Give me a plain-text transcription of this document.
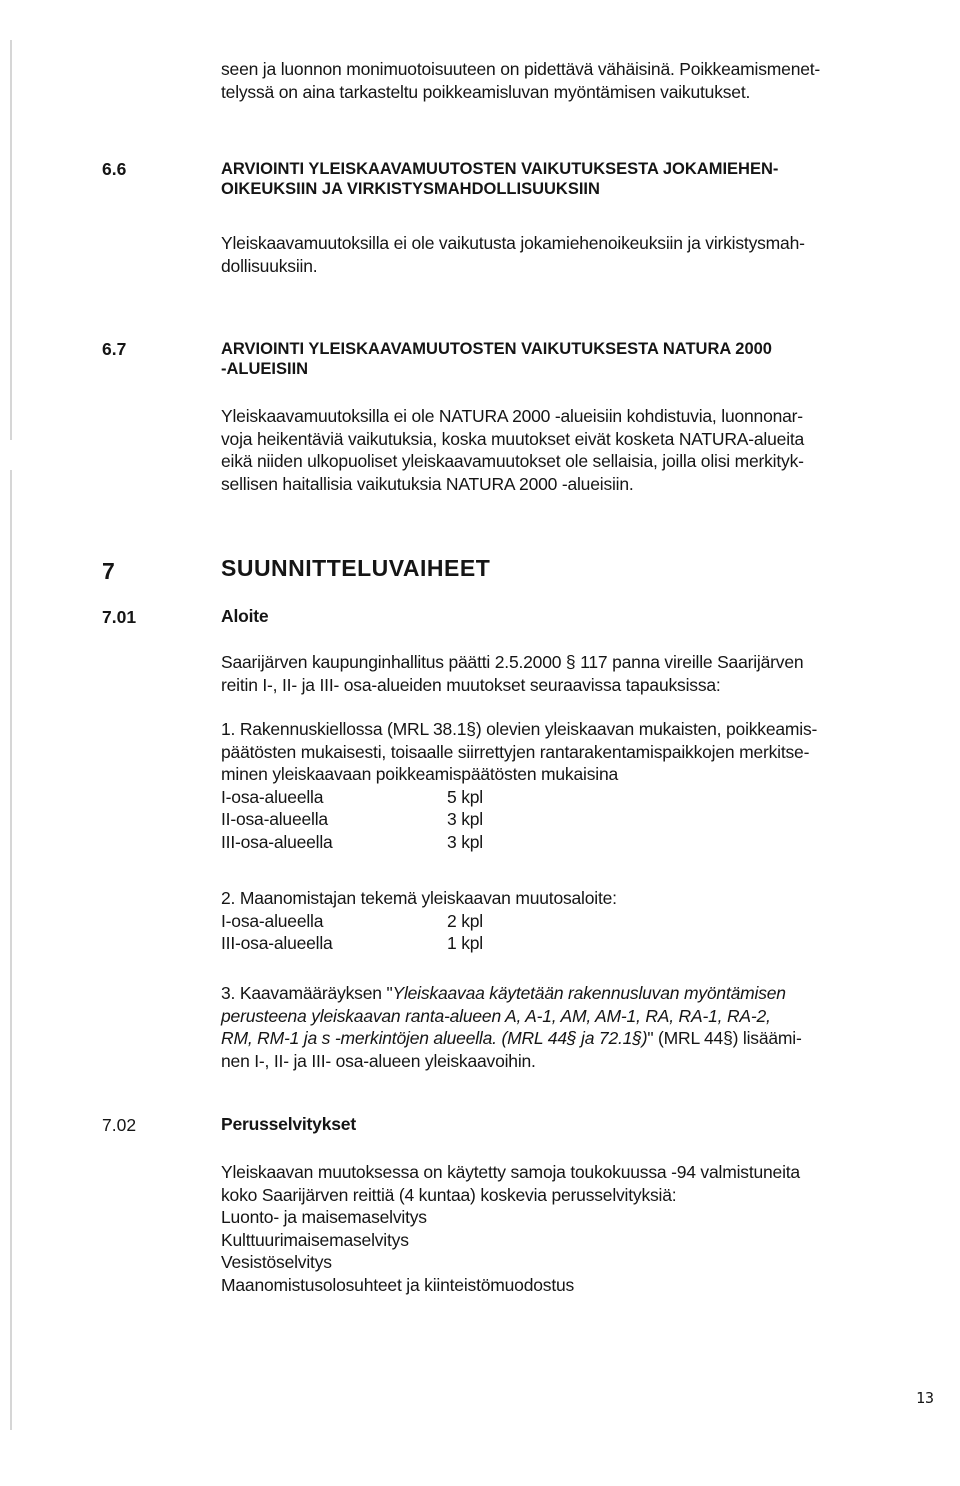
seen ja luonnon monimuotoisuuteen on pidettävä vähäisinä. Poikkeamismenet-
telyssä on aina tarkasteltu poikkeamisluvan myöntämisen vaikutukset.
6.6	ARVIOINTI YLEISKAAVAMUUTOSTEN VAIKUTUKSESTA JOKAMIEHEN-
OIKEUKSIIN JA VIRKISTYSMAHDOLLISUUKSIIN
Yleiskaavamuutoksilla ei ole vaikutusta jokamiehenoikeuksiin ja virkistysmah-
dollisuuksiin.
6.7	ARVIOINTI YLEISKAAVAMUUTOSTEN VAIKUTUKSESTA NATURA 2000
-ALUEISIIN
Yleiskaavamuutoksilla ei ole NATURA 2000 -alueisiin kohdistuvia, luonnonar-
voja heikentäviä vaikutuksia, koska muutokset eivät kosketa NATURA-alueita
eikä niiden ulkopuoliset yleiskaavamuutokset ole sellaisia, joilla olisi merkityk-
sellisen haitallisia vaikutuksia NATURA 2000 -alueisiin.
7	SUUNNITTELUVAIHEET
7.01	Aloite
Saarijärven kaupunginhallitus päätti 2.5.2000 § 117 panna vireille Saarijärven
reitin I-, II- ja III- osa-alueiden muutokset seuraavissa tapauksissa:
1. Rakennuskiellossa (MRL 38.1§) olevien yleiskaavan mukaisten, poikkeamis-
päätösten mukaisesti, toisaalle siirrettyjen rantarakentamispaikkojen merkitse-
minen yleiskaavaan poikkeamispäätösten mukaisina
I-osa-alueella	5 kpl
II-osa-alueella	3 kpl
III-osa-alueella	3 kpl
2. Maanomistajan tekemä yleiskaavan muutosaloite:
I-osa-alueella	2 kpl
III-osa-alueella	1 kpl
3. Kaavamääräyksen "Yleiskaavaa käytetään rakennusluvan myöntämisen
perusteena yleiskaavan ranta-alueen A, A-1, AM, AM-1, RA, RA-1, RA-2,
RM, RM-1 ja s -merkintöjen alueella. (MRL 44§ ja 72.1§)" (MRL 44§) lisäämi-
nen I-, II- ja III- osa-alueen yleiskaavoihin.
7.02	Perusselvitykset
Yleiskaavan muutoksessa on käytetty samoja toukokuussa -94 valmistuneita
koko Saarijärven reittiä (4 kuntaa) koskevia perusselvityksiä:
Luonto- ja maisemaselvitys
Kulttuurimaisemaselvitys
Vesistöselvitys
Maanomistusolosuhteet ja kiinteistömuodostus
13
